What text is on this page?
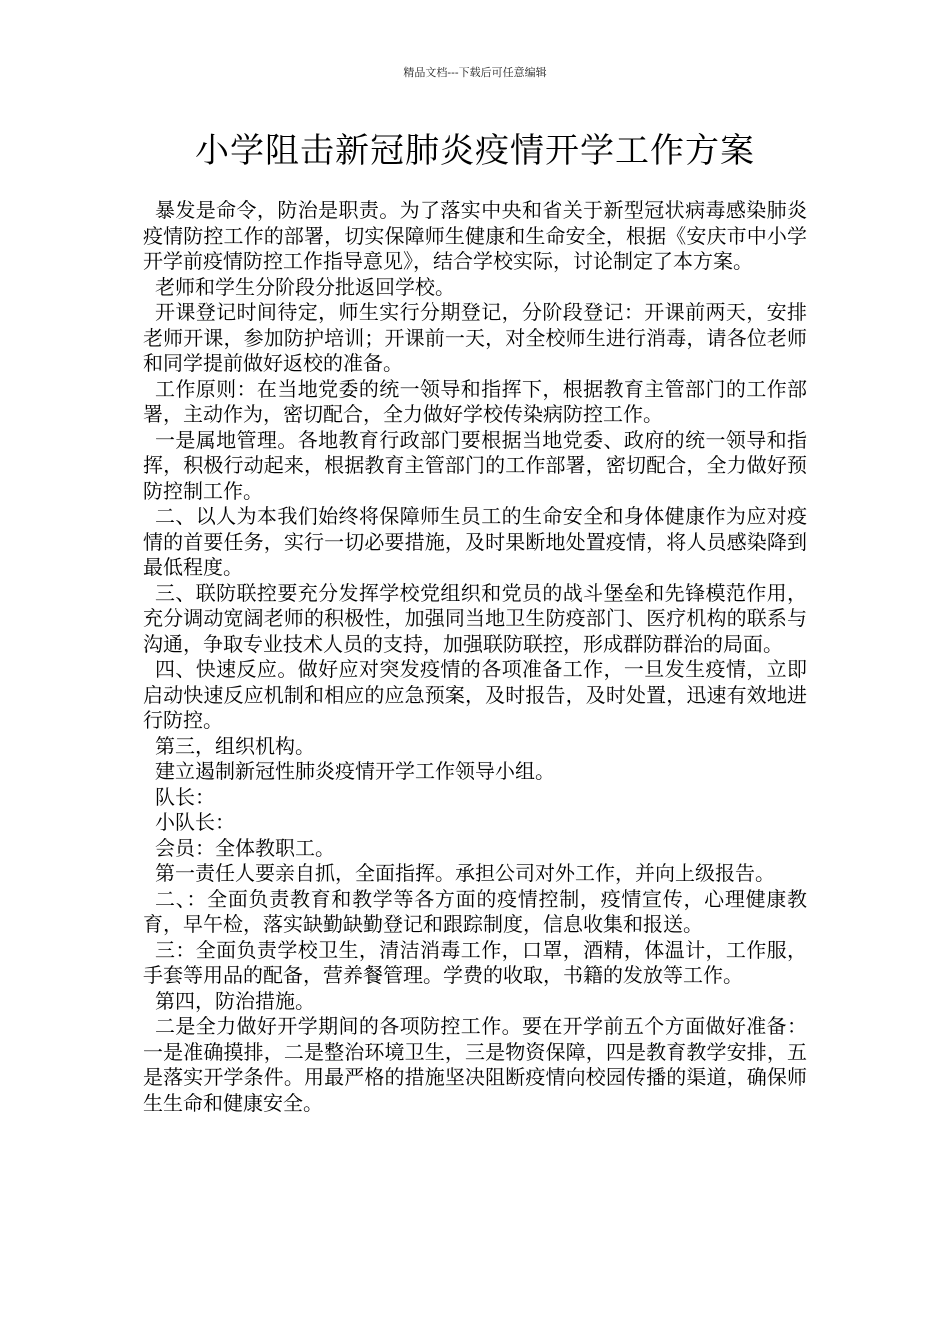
精品文档---下载后可任意编辑
小学阻击新冠肺炎疫情开学工作方案

暴发是命令，防治是职责。为了落实中央和省关于新型冠状病毒感染肺炎疫情防控工作的部署，切实保障师生健康和生命安全，根据《安庆市中小学开学前疫情防控工作指导意见》，结合学校实际，讨论制定了本方案。

老师和学生分阶段分批返回学校。

开课登记时间待定，师生实行分期登记，分阶段登记：开课前两天，安排老师开课，参加防护培训；开课前一天，对全校师生进行消毒，请各位老师和同学提前做好返校的准备。

工作原则：在当地党委的统一领导和指挥下，根据教育主管部门的工作部署，主动作为，密切配合，全力做好学校传染病防控工作。

一是属地管理。各地教育行政部门要根据当地党委、政府的统一领导和指挥，积极行动起来，根据教育主管部门的工作部署，密切配合，全力做好预防控制工作。

二、以人为本我们始终将保障师生员工的生命安全和身体健康作为应对疫情的首要任务，实行一切必要措施，及时果断地处置疫情，将人员感染降到最低程度。

三、联防联控要充分发挥学校党组织和党员的战斗堡垒和先锋模范作用，充分调动宽阔老师的积极性，加强同当地卫生防疫部门、医疗机构的联系与沟通，争取专业技术人员的支持，加强联防联控，形成群防群治的局面。

四、快速反应。做好应对突发疫情的各项准备工作，一旦发生疫情，立即启动快速反应机制和相应的应急预案，及时报告，及时处置，迅速有效地进行防控。

第三，组织机构。

建立遏制新冠性肺炎疫情开学工作领导小组。

队长：

小队长：

会员：全体教职工。

第一责任人要亲自抓，全面指挥。承担公司对外工作，并向上级报告。

二、：全面负责教育和教学等各方面的疫情控制，疫情宣传，心理健康教育，早午检，落实缺勤缺勤登记和跟踪制度，信息收集和报送。

三：全面负责学校卫生，清洁消毒工作，口罩，酒精，体温计，工作服，手套等用品的配备，营养餐管理。学费的收取，书籍的发放等工作。

第四，防治措施。

二是全力做好开学期间的各项防控工作。要在开学前五个方面做好准备：一是准确摸排，二是整治环境卫生，三是物资保障，四是教育教学安排，五是落实开学条件。用最严格的措施坚决阻断疫情向校园传播的渠道，确保师生生命和健康安全。
